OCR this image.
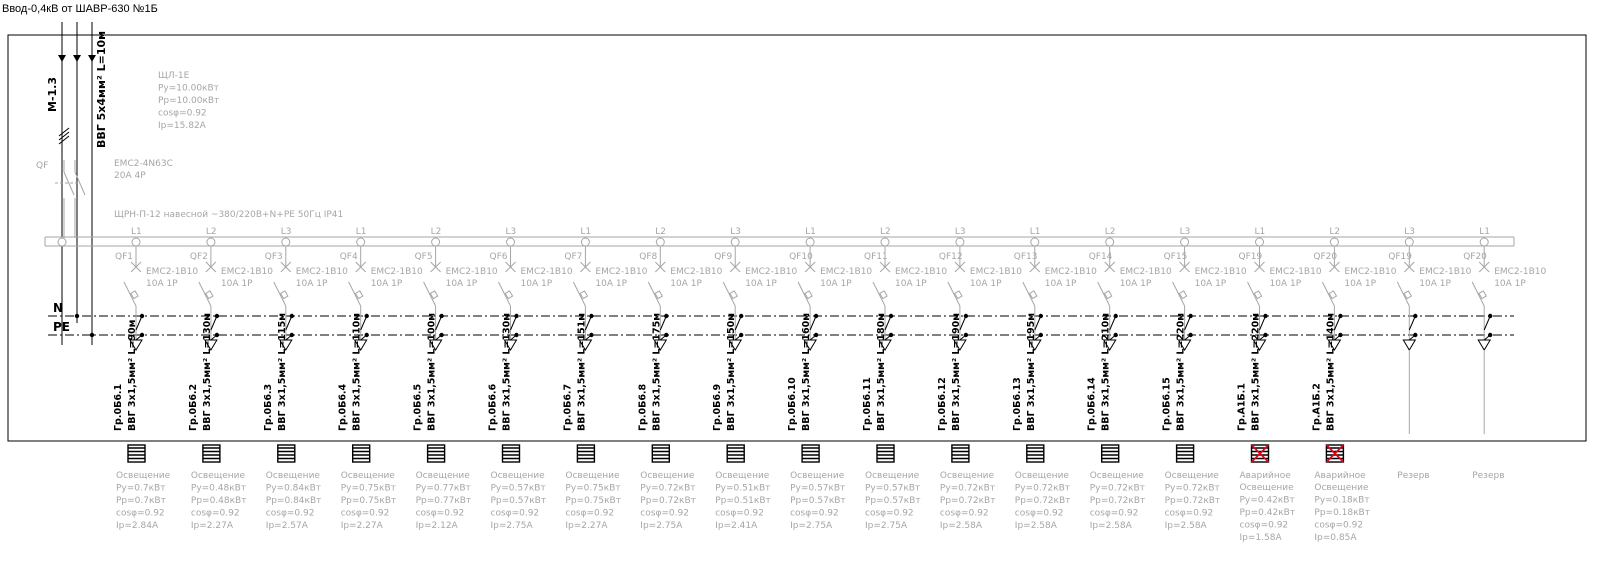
Ввод-0,4кВ от ШАВР-630 №1Б
М-1.3	ВВГ 5х4мм² L=10м
QF	EMC2-4N63C
20A 4P
ЩЛ-1Е
Ру=10.00кВт
Рр=10.00кВт
cosφ=0.92
Iр=15.82А
ЩРН-П-12 навесной ~380/220В+N+PE 50Гц IP41
N
PE
L1
QF1
EMC2-1B10
10A 1P
Гр.0Б6.1 ВВГ 3х1,5мм² L=90м
Освещение
Ру=0.7кВт
Рр=0.7кВт
cosφ=0.92
Iр=2.84А
L2
QF2
EMC2-1B10
10A 1P
Гр.0Б6.2 ВВГ 3х1,5мм² L=130м
Освещение
Ру=0.48кВт
Рр=0.48кВт
cosφ=0.92
Iр=2.27А
L3
QF3
EMC2-1B10
10A 1P
Гр.0Б6.3 ВВГ 3х1,5мм² L=115м
Освещение
Ру=0.84кВт
Рр=0.84кВт
cosφ=0.92
Iр=2.57А
L1
QF4
EMC2-1B10
10A 1P
Гр.0Б6.4 ВВГ 3х1,5мм² L=110м
Освещение
Ру=0.75кВт
Рр=0.75кВт
cosφ=0.92
Iр=2.27А
L2
QF5
EMC2-1B10
10A 1P
Гр.0Б6.5 ВВГ 3х1,5мм² L=100м
Освещение
Ру=0.77кВт
Рр=0.77кВт
cosφ=0.92
Iр=2.12А
L3
QF6
EMC2-1B10
10A 1P
Гр.0Б6.6 ВВГ 3х1,5мм² L=130м
Освещение
Ру=0.57кВт
Рр=0.57кВт
cosφ=0.92
Iр=2.75А
L1
QF7
EMC2-1B10
10A 1P
Гр.0Б6.7 ВВГ 3х1,5мм² L=151м
Освещение
Ру=0.75кВт
Рр=0.75кВт
cosφ=0.92
Iр=2.27А
L2
QF8
EMC2-1B10
10A 1P
Гр.0Б6.8 ВВГ 3х1,5мм² L=175м
Освещение
Ру=0.72кВт
Рр=0.72кВт
cosφ=0.92
Iр=2.75А
L3
QF9
EMC2-1B10
10A 1P
Гр.0Б6.9 ВВГ 3х1,5мм² L=150м
Освещение
Ру=0.51кВт
Рр=0.51кВт
cosφ=0.92
Iр=2.41А
L1
QF10
EMC2-1B10
10A 1P
Гр.0Б6.10 ВВГ 3х1,5мм² L=160м
Освещение
Ру=0.57кВт
Рр=0.57кВт
cosφ=0.92
Iр=2.75А
L2
QF11
EMC2-1B10
10A 1P
Гр.0Б6.11 ВВГ 3х1,5мм² L=180м
Освещение
Ру=0.57кВт
Рр=0.57кВт
cosφ=0.92
Iр=2.75А
L3
QF12
EMC2-1B10
10A 1P
Гр.0Б6.12 ВВГ 3х1,5мм² L=190м
Освещение
Ру=0.72кВт
Рр=0.72кВт
cosφ=0.92
Iр=2.58А
L1
QF13
EMC2-1B10
10A 1P
Гр.0Б6.13 ВВГ 3х1,5мм² L=195м
Освещение
Ру=0.72кВт
Рр=0.72кВт
cosφ=0.92
Iр=2.58А
L2
QF14
EMC2-1B10
10A 1P
Гр.0Б6.14 ВВГ 3х1,5мм² L=210м
Освещение
Ру=0.72кВт
Рр=0.72кВт
cosφ=0.92
Iр=2.58А
L3
QF15
EMC2-1B10
10A 1P
Гр.0Б6.15 ВВГ 3х1,5мм² L=220м
Освещение
Ру=0.72кВт
Рр=0.72кВт
cosφ=0.92
Iр=2.58А
L1
QF19
EMC2-1B10
10A 1P
Гр.А1Б.1 ВВГ 3х1,5мм² L=220м
Аварийное
Освещение
Ру=0.42кВт
Рр=0.42кВт
cosφ=0.92
Iр=1.58А
L2
QF20
EMC2-1B10
10A 1P
Гр.А1Б.2 ВВГ 3х1,5мм² L=140м
Аварийное
Освещение
Ру=0.18кВт
Рр=0.18кВт
cosφ=0.92
Iр=0.85А
L3
QF19
EMC2-1B10
10A 1P
Резерв
L1
QF20
EMC2-1B10
10A 1P
Резерв
